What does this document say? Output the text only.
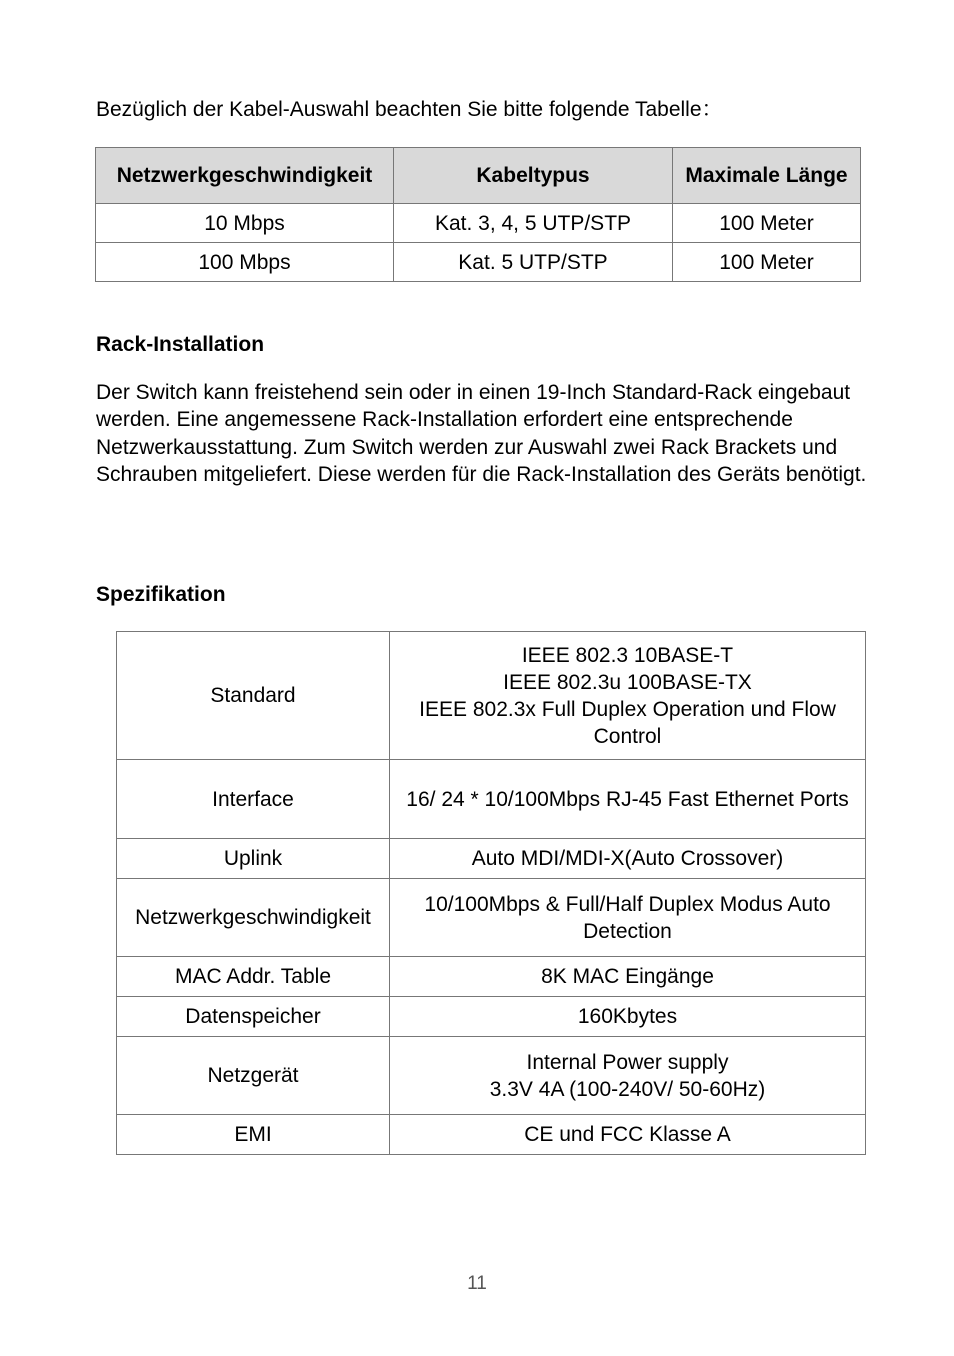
Bezüglich der Kabel-Auswahl beachten Sie bitte folgende Tabelle：
Netzwerkgeschwindigkeit	Kabeltypus	Maximale Länge
10 Mbps	Kat. 3, 4, 5 UTP/STP	100 Meter
100 Mbps	Kat. 5 UTP/STP	100 Meter
Rack-Installation
Der Switch kann freistehend sein oder in einen 19-Inch Standard-Rack eingebaut werden. Eine angemessene Rack-Installation erfordert eine entsprechende Netzwerkausstattung. Zum Switch werden zur Auswahl zwei Rack Brackets und Schrauben mitgeliefert. Diese werden für die Rack-Installation des Geräts benötigt.
Spezifikation
Standard	IEEE 802.3 10BASE-T
IEEE 802.3u 100BASE-TX
IEEE 802.3x Full Duplex Operation und Flow Control

Interface	16/ 24 * 10/100Mbps RJ-45 Fast Ethernet Ports

Uplink	Auto MDI/MDI-X(Auto Crossover)

Netzwerkgeschwindigkeit	10/100Mbps & Full/Half Duplex Modus Auto Detection

MAC Addr. Table	8K MAC Eingänge

Datenspeicher	160Kbytes

Netzgerät	Internal Power supply
3.3V 4A (100-240V/ 50-60Hz)

EMI	CE und FCC Klasse A
11
